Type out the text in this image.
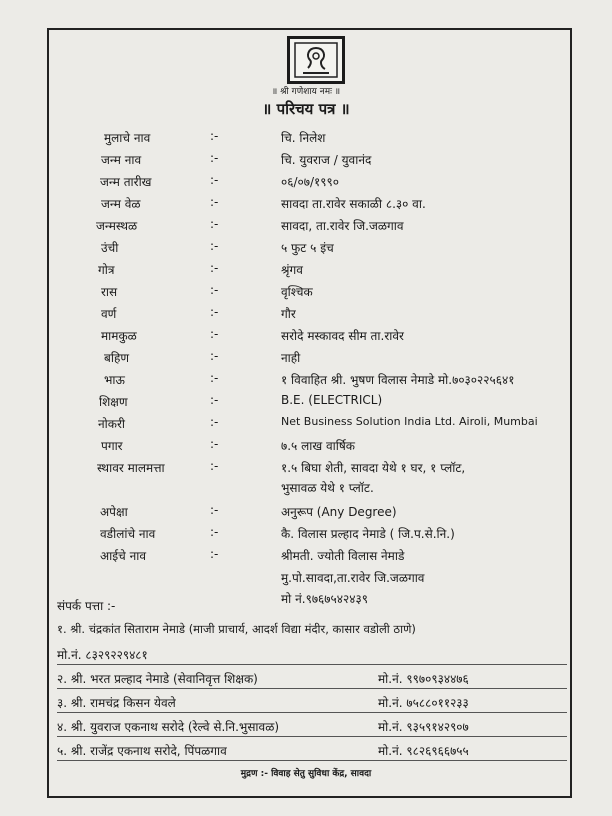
॥ श्री गणेशाय नमः ॥
॥ परिचय पत्र ॥
मुलाचे नाव	:-	चि. निलेश
जन्म नाव	:-	चि. युवराज / युवानंद
जन्म तारीख	:-	०६/०७/१९९०
जन्म वेळ	:-	सावदा ता.रावेर सकाळी ८.३० वा.
जन्मस्थळ	:-	सावदा, ता.रावेर जि.जळगाव
उंची	:-	५ फुट ५ इंच
गोत्र	:-	श्रृंगव
रास	:-	वृश्चिक
वर्ण	:-	गौर
मामकुळ	:-	सरोदे मस्कावद सीम ता.रावेर
बहिण	:-	नाही
भाऊ	:-	१ विवाहित श्री. भुषण विलास नेमाडे मो.७०३०२२५६४१
शिक्षण	:-	B.E. (ELECTRICL)
नोकरी	:-	Net Business Solution India Ltd. Airoli, Mumbai
पगार	:-	७.५ लाख वार्षिक
स्थावर मालमत्ता	:-	१.५ बिघा शेती, सावदा येथे १ घर, १ प्लॉट,
भुसावळ येथे १ प्लॉट.
अपेक्षा	:-	अनुरूप (Any Degree)
वडीलांचे नाव	:-	कै. विलास प्रल्हाद नेमाडे ( जि.प.से.नि.)
आईचे नाव	:-	श्रीमती. ज्योती विलास नेमाडे
मु.पो.सावदा,ता.रावेर जि.जळगाव
मो नं.९७६७५४२४३९
संपर्क पत्ता :-
१. श्री. चंद्रकांत सिताराम नेमाडे (माजी प्राचार्य, आदर्श विद्या मंदीर, कासार वडोली ठाणे)
मो.नं. ८३२९२२९४८१
२. श्री. भरत प्रल्हाद नेमाडे (सेवानिवृत्त शिक्षक)	मो.नं. ९९७०९३४४७६
३. श्री. रामचंद्र किसन येवले	मो.नं. ७५८८०११२३३
४. श्री. युवराज एकनाथ सरोदे (रेल्वे से.नि.भुसावळ)	मो.नं. ९३५९१४२९०७
५. श्री. राजेंद्र एकनाथ सरोदे, पिंपळगाव	मो.नं. ९८२६९६६७५५
मुद्रण :- विवाह सेतु सुविधा केंद्र, सावदा
